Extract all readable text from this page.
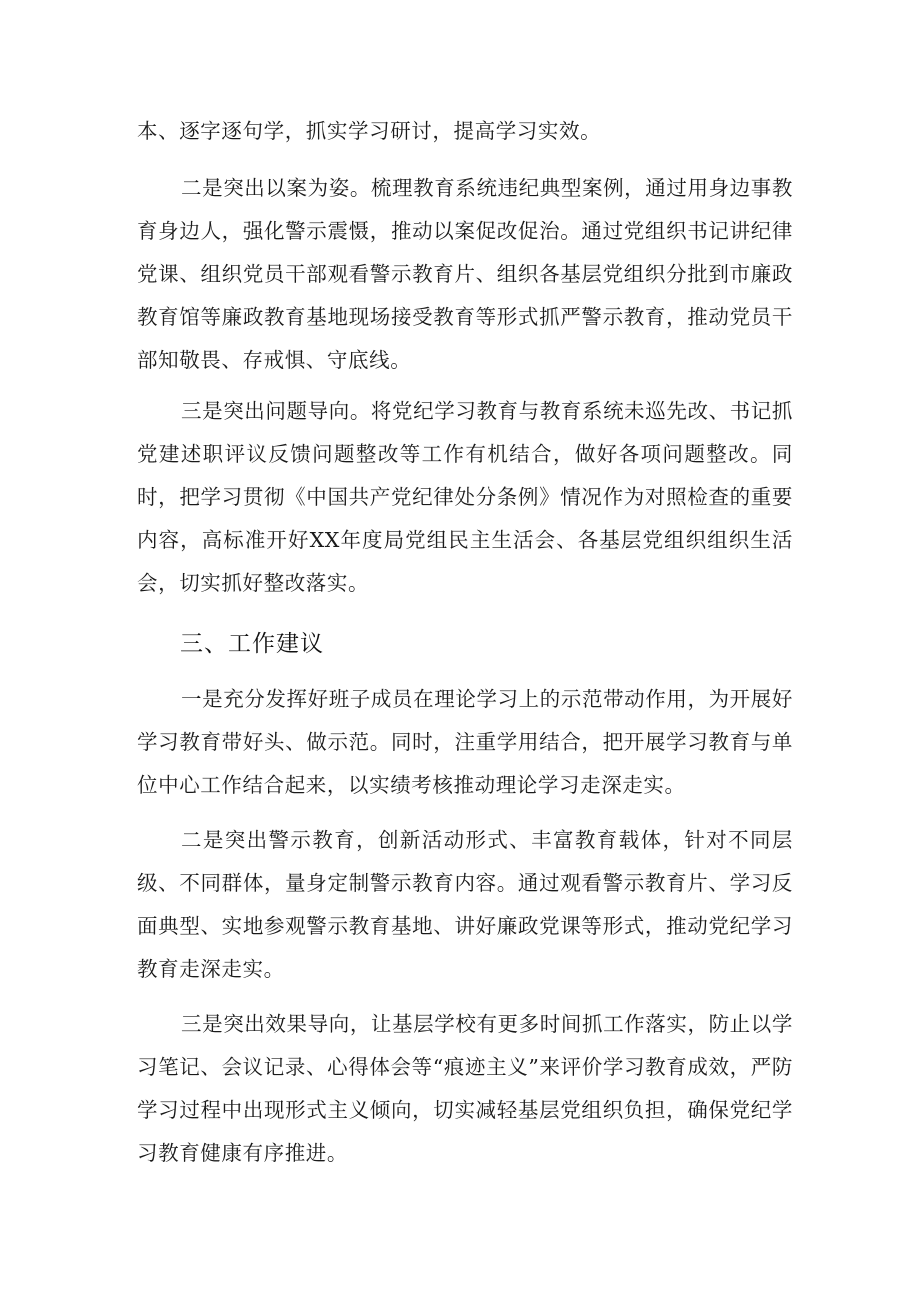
本、逐字逐句学，抓实学习研讨，提高学习实效。

二是突出以案为姿。梳理教育系统违纪典型案例，通过用身边事教育身边人，强化警示震慑，推动以案促改促治。通过党组织书记讲纪律党课、组织党员干部观看警示教育片、组织各基层党组织分批到市廉政教育馆等廉政教育基地现场接受教育等形式抓严警示教育，推动党员干部知敬畏、存戒惧、守底线。

三是突出问题导向。将党纪学习教育与教育系统未巡先改、书记抓党建述职评议反馈问题整改等工作有机结合，做好各项问题整改。同时，把学习贯彻《中国共产党纪律处分条例》情况作为对照检查的重要内容，高标准开好XX年度局党组民主生活会、各基层党组织组织生活会，切实抓好整改落实。

三、工作建议

一是充分发挥好班子成员在理论学习上的示范带动作用，为开展好学习教育带好头、做示范。同时，注重学用结合，把开展学习教育与单位中心工作结合起来，以实绩考核推动理论学习走深走实。

二是突出警示教育，创新活动形式、丰富教育载体，针对不同层级、不同群体，量身定制警示教育内容。通过观看警示教育片、学习反面典型、实地参观警示教育基地、讲好廉政党课等形式，推动党纪学习教育走深走实。

三是突出效果导向，让基层学校有更多时间抓工作落实，防止以学习笔记、会议记录、心得体会等“痕迹主义”来评价学习教育成效，严防学习过程中出现形式主义倾向，切实减轻基层党组织负担，确保党纪学习教育健康有序推进。
